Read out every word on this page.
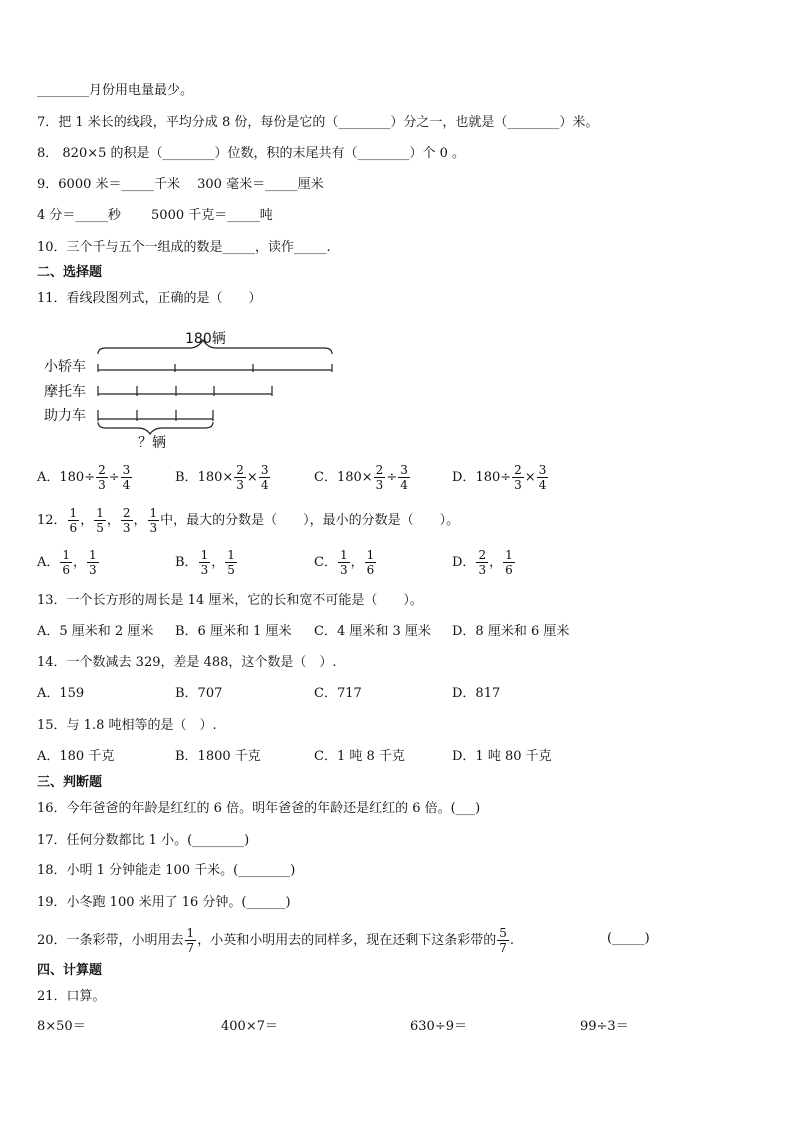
________月份用电量最少。
7．把 1 米长的线段，平均分成 8 份，每份是它的（________）分之一，也就是（________）米。
8． 820×5 的积是（________）位数，积的末尾共有（________）个 0 。
9．6000 米＝_____千米　 300 毫米＝_____厘米
4 分＝_____秒　　 5000 千克＝_____吨
10．三个千与五个一组成的数是_____，读作_____.
二、选择题
11．看线段图列式，正确的是（　　）
180辆
小轿车
摩托车
助力车
？辆
A．$180\div \frac{2}{3} \div \frac{3}{4}$	B．$180\times \frac{2}{3} \times \frac{3}{4}$	C．$180\times \frac{2}{3} \div \frac{3}{4}$	D．$180\div \frac{2}{3} \times \frac{3}{4}$
12． $\frac{1}{6}$ ， $\frac{1}{5}$ ， $\frac{2}{3}$ ， $\frac{1}{3}$ 中，最大的分数是（　　），最小的分数是（　　）。
A． $\frac{1}{6}$ ， $\frac{1}{3}$	B． $\frac{1}{3}$ ， $\frac{1}{5}$	C． $\frac{1}{3}$ ， $\frac{1}{6}$	D． $\frac{2}{3}$ ， $\frac{1}{6}$
13．一个长方形的周长是 14 厘米，它的长和宽不可能是（　　）。
A．5 厘米和 2 厘米 B．6 厘米和 1 厘米 C．4 厘米和 3 厘米 D．8 厘米和 6 厘米
14．一个数减去 329，差是 488，这个数是（　）.
A．159	B．707	C．717	D．817
15．与 1.8 吨相等的是（　）.
A．180 千克	B．1800 千克	C．1 吨 8 千克	D．1 吨 80 千克
三、判断题
16．今年爸爸的年龄是红红的 6 倍。明年爸爸的年龄还是红红的 6 倍。(___)
17．任何分数都比 1 小。(________)
18．小明 1 分钟能走 100 千米。(________)
19．小冬跑 100 米用了 16 分钟。(______)
20．一条彩带，小明用去 $\frac{1}{7}$ ，小英和小明用去的同样多，现在还剩下这条彩带的 $\frac{5}{7}$ .	(_____)
四、计算题
21．口算。
8×50＝	400×7＝	630÷9＝	99÷3＝
